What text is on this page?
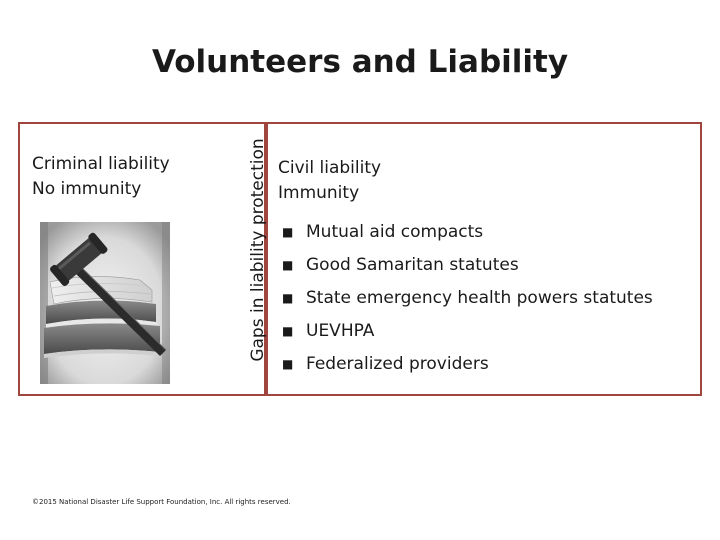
Volunteers and Liability
Criminal liability
No immunity	Gaps in liability protection Civil liability
Immunity
■ Mutual aid compacts
■ Good Samaritan statutes
■ State emergency health powers statutes
■ UEVHPA
■ Federalized providers
©2015 National Disaster Life Support Foundation, Inc. All rights reserved.
